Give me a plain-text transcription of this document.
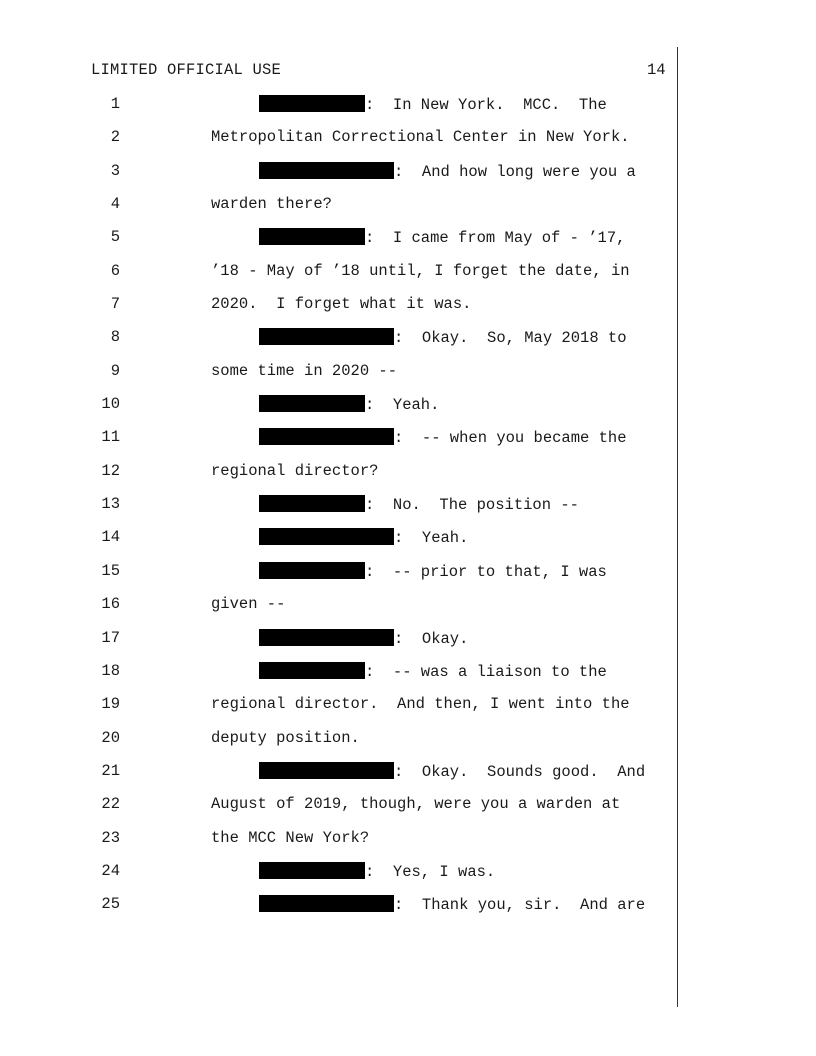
LIMITED OFFICIAL USE	14
1	:  In New York.  MCC.  The
2	Metropolitan Correctional Center in New York.
3	:  And how long were you a
4	warden there?
5	:  I came from May of - ’17,
6	’18 - May of ’18 until, I forget the date, in
7	2020.  I forget what it was.
8	:  Okay.  So, May 2018 to
9	some time in 2020 --
10	:  Yeah.
11	:  -- when you became the
12	regional director?
13	:  No.  The position --
14	:  Yeah.
15	:  -- prior to that, I was
16	given --
17	:  Okay.
18	:  -- was a liaison to the
19	regional director.  And then, I went into the
20	deputy position.
21	:  Okay.  Sounds good.  And
22	August of 2019, though, were you a warden at
23	the MCC New York?
24	:  Yes, I was.
25	:  Thank you, sir.  And are
